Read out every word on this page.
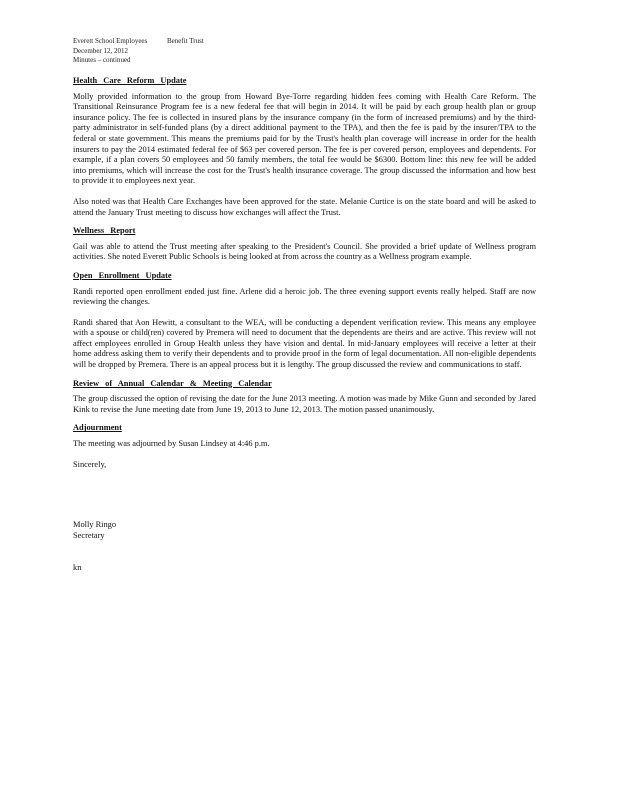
Everett School Employees	Benefit Trust
December 12, 2012
Minutes – continued
Health Care Reform Update

Molly provided information to the group from Howard Bye-Torre regarding hidden fees coming with Health Care Reform. The Transitional Reinsurance Program fee is a new federal fee that will begin in 2014. It will be paid by each group health plan or group insurance policy. The fee is collected in insured plans by the insurance company (in the form of increased premiums) and by the third-party administrator in self-funded plans (by a direct additional payment to the TPA), and then the fee is paid by the insurer/TPA to the federal or state government. This means the premiums paid for by the Trust's health plan coverage will increase in order for the health insurers to pay the 2014 estimated federal fee of $63 per covered person. The fee is per covered person, employees and dependents. For example, if a plan covers 50 employees and 50 family members, the total fee would be $6300. Bottom line: this new fee will be added into premiums, which will increase the cost for the Trust's health insurance coverage. The group discussed the information and how best to provide it to employees next year.

Also noted was that Health Care Exchanges have been approved for the state. Melanie Curtice is on the state board and will be asked to attend the January Trust meeting to discuss how exchanges will affect the Trust.

Wellness Report

Gail was able to attend the Trust meeting after speaking to the President's Council. She provided a brief update of Wellness program activities. She noted Everett Public Schools is being looked at from across the country as a Wellness program example.

Open Enrollment Update

Randi reported open enrollment ended just fine. Arlene did a heroic job. The three evening support events really helped. Staff are now reviewing the changes.

Randi shared that Aon Hewitt, a consultant to the WEA, will be conducting a dependent verification review. This means any employee with a spouse or child(ren) covered by Premera will need to document that the dependents are theirs and are active. This review will not affect employees enrolled in Group Health unless they have vision and dental. In mid-January employees will receive a letter at their home address asking them to verify their dependents and to provide proof in the form of legal documentation. All non-eligible dependents will be dropped by Premera. There is an appeal process but it is lengthy. The group discussed the review and communications to staff.

Review of Annual Calendar & Meeting Calendar

The group discussed the option of revising the date for the June 2013 meeting. A motion was made by Mike Gunn and seconded by Jared Kink to revise the June meeting date from June 19, 2013 to June 12, 2013. The motion passed unanimously.

Adjournment

The meeting was adjourned by Susan Lindsey at 4:46 p.m.

Sincerely,

Molly Ringo

Secretary

kn
